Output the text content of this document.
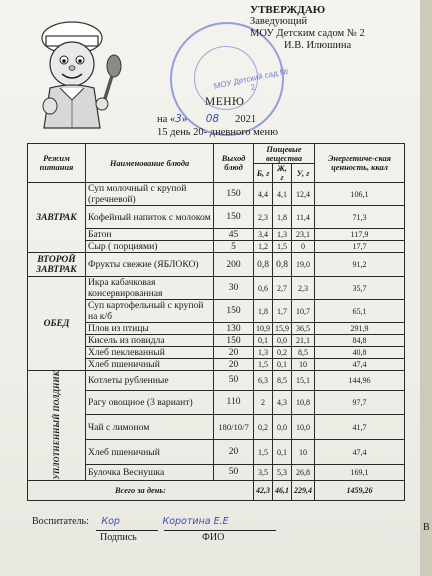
МОУ Детский сад № 2
УТВЕРЖДАЮ
Заведующий
МОУ Детским садом № 2
И.В. Илюшина
МЕНЮ
на «3» 08 2021
15 день 20- дневного меню
Режим питания	Наименование блюда	Выход блюд	Пищевые вещества			Энергетиче-ская ценность, ккал
			Б, г	Ж, г	У, г	
ЗАВТРАК	Суп молочный с крупой (гречневой)	150	4,4	4,1	12,4	106,1
	Кофейный напиток с молоком	150	2,3	1,8	11,4	71,3
	Батон	45	3,4	1,3	23,1	117,9
	Сыр ( порциями)	5	1,2	1,5	0	17,7
ВТОРОЙ ЗАВТРАК	Фрукты свежие (ЯБЛОКО)	200	0,8	0,8	19,0	91,2
ОБЕД	Икра кабачковая консервированная	30	0,6	2,7	2,3	35,7
	Суп картофельный с крупой на к/б	150	1,8	1,7	10,7	65,1
	Плов из птицы	130	10,9	15,9	36,5	291,9
	Кисель из повидла	150	0,1	0,0	21,1	84,8
	Хлеб пеклеванный	20	1,3	0,2	8,5	40,8
	Хлеб пшеничный	20	1,5	0,1	10	47,4

УПЛОТНЕННЫЙ ПОЛДНИК	Котлеты рубленные	50	6,3	8,5	15,1	144,96
	Рагу овощное (3 вариант)	110	2	4,3	10,8	97,7
	Чай с лимоном	180/10/7	0,2	0,0	10,0	41,7
	Хлеб пшеничный	20	1,5	0,1	10	47,4
	Булочка Веснушка	50	3,5	5,3	26,8	169,1
Всего за день:			42,3	46,1	229,4	1459,26
Воспитатель: Кор	Коротина Е.Е
Подпись	ФИО
В
